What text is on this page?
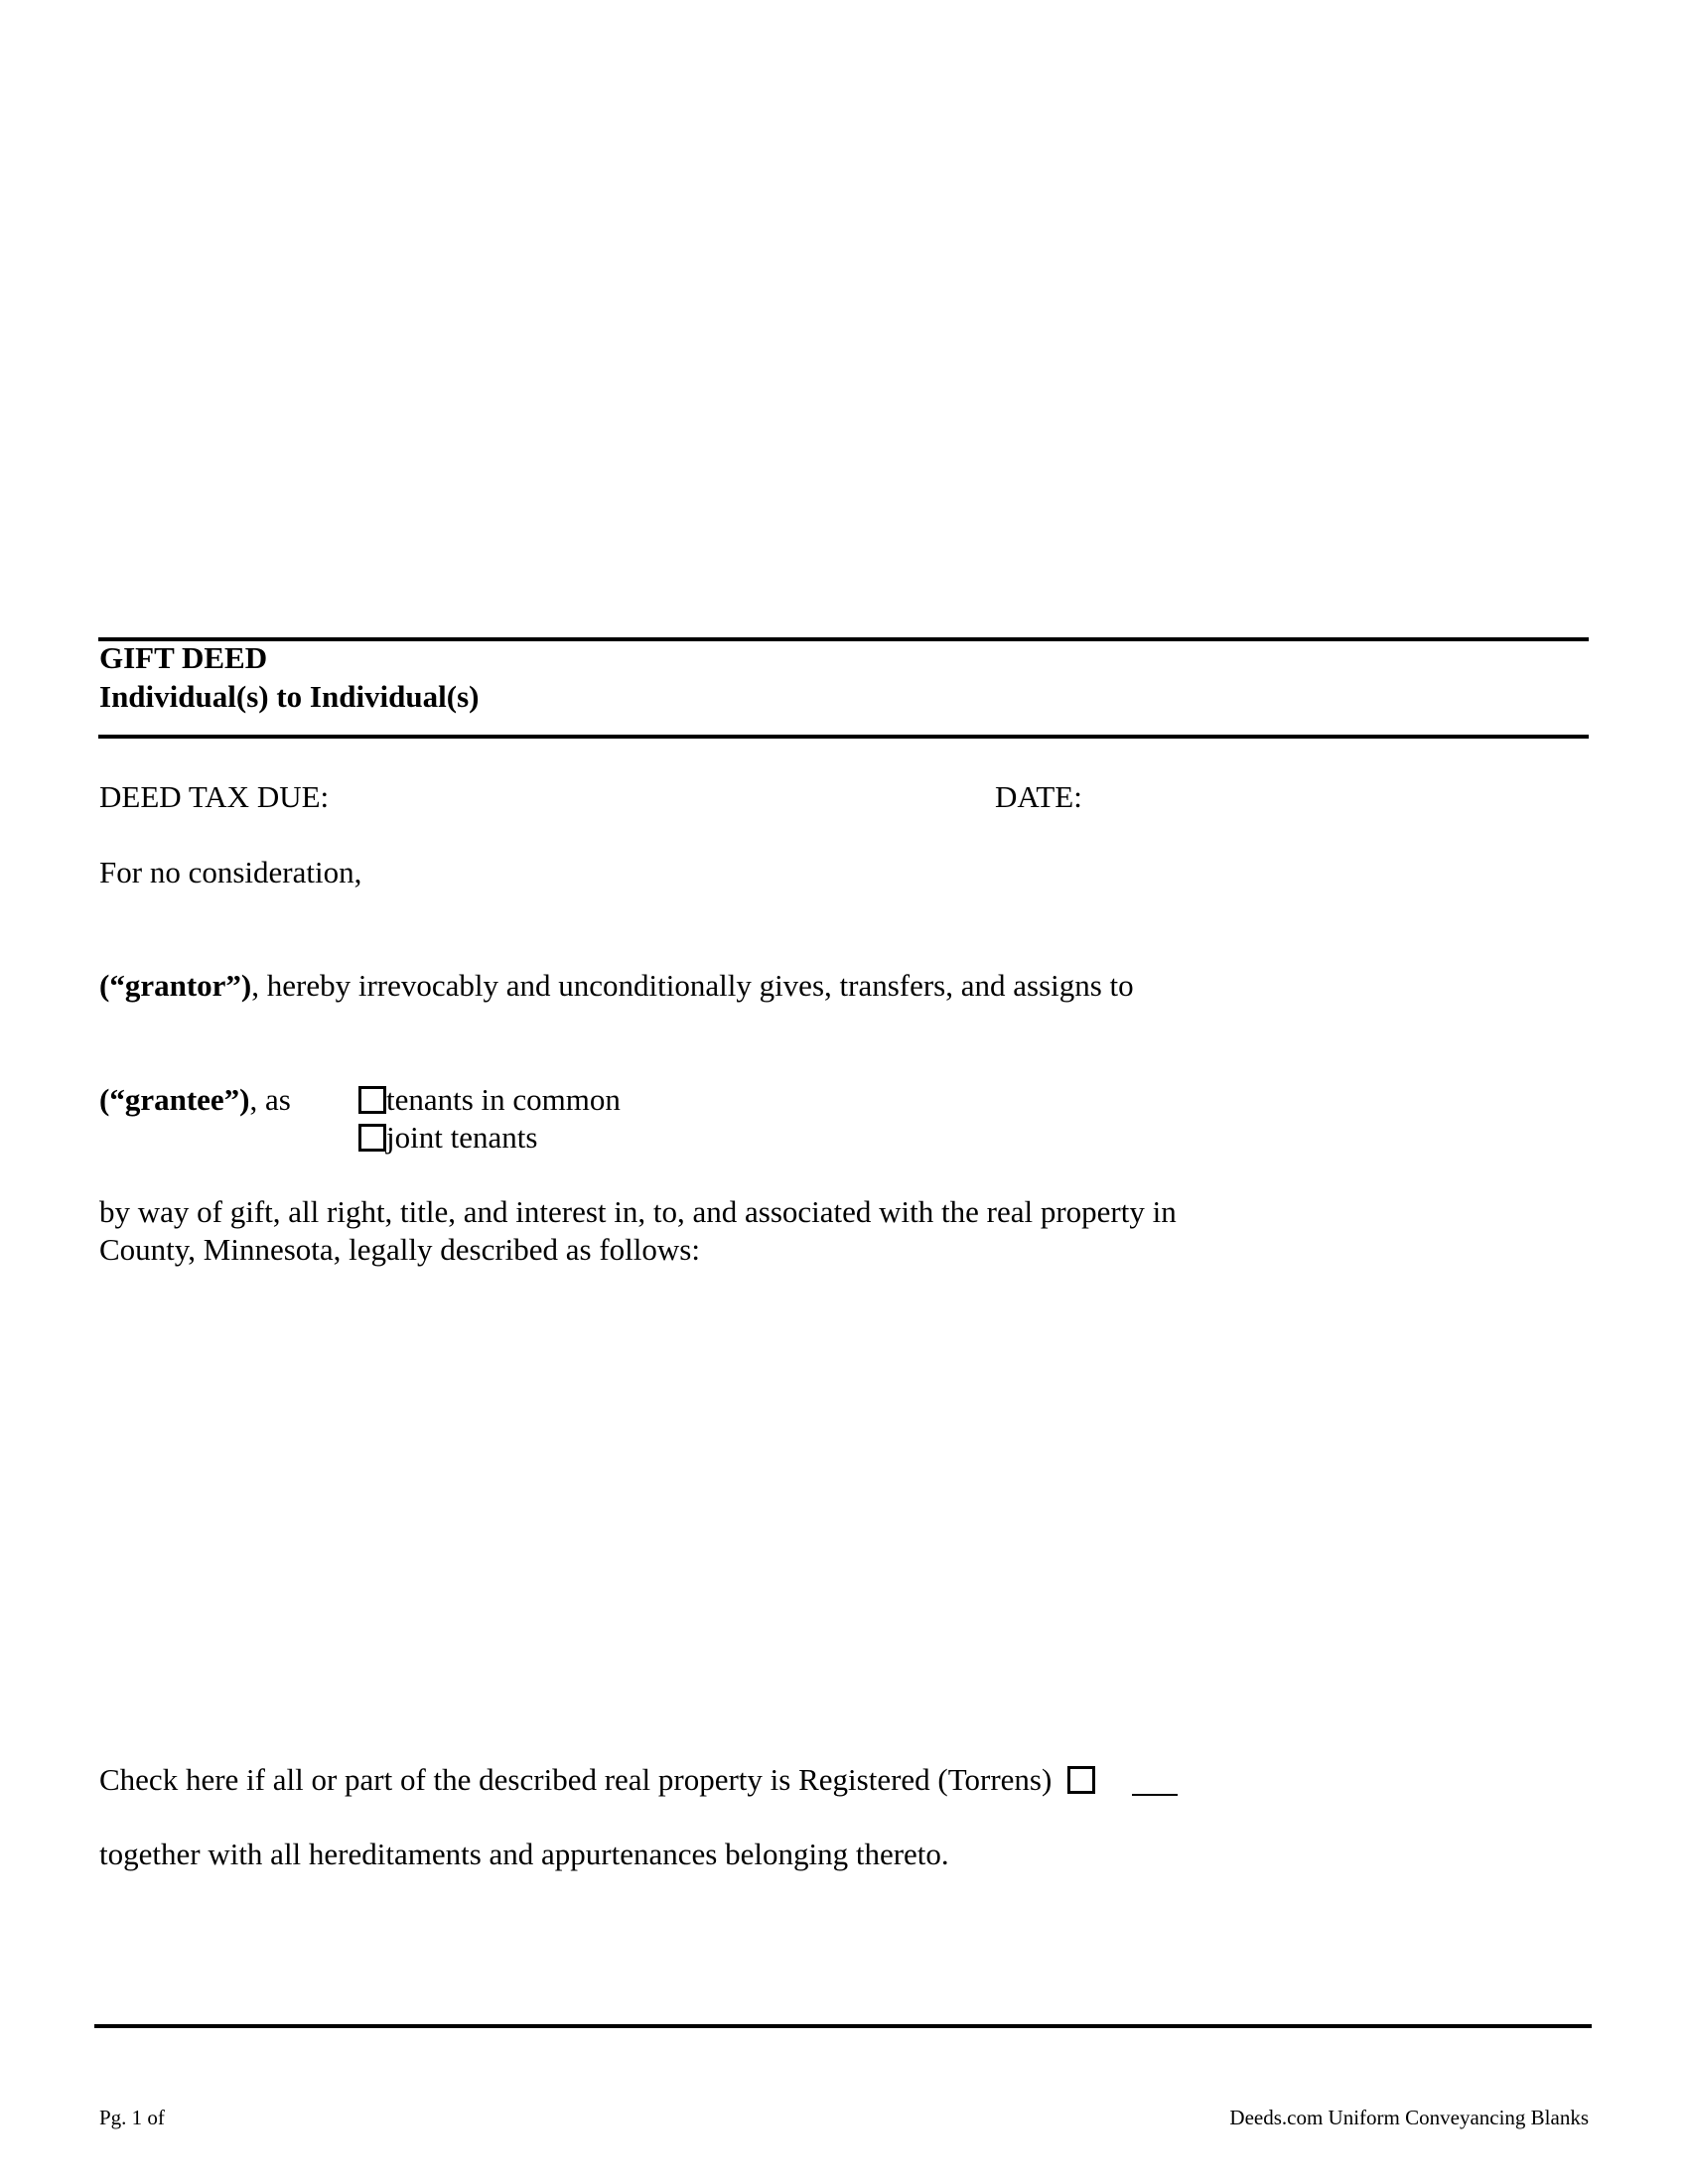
GIFT DEED
Individual(s) to Individual(s)
DEED TAX DUE:	DATE:
For no consideration,
(“grantor”), hereby irrevocably and unconditionally gives, transfers, and assigns to
(“grantee”), as	tenants in common
joint tenants
by way of gift, all right, title, and interest in, to, and associated with the real property in
County, Minnesota, legally described as follows:
Check here if all or part of the described real property is Registered (Torrens)
together with all hereditaments and appurtenances belonging thereto.
Pg. 1 of	Deeds.com Uniform Conveyancing Blanks
